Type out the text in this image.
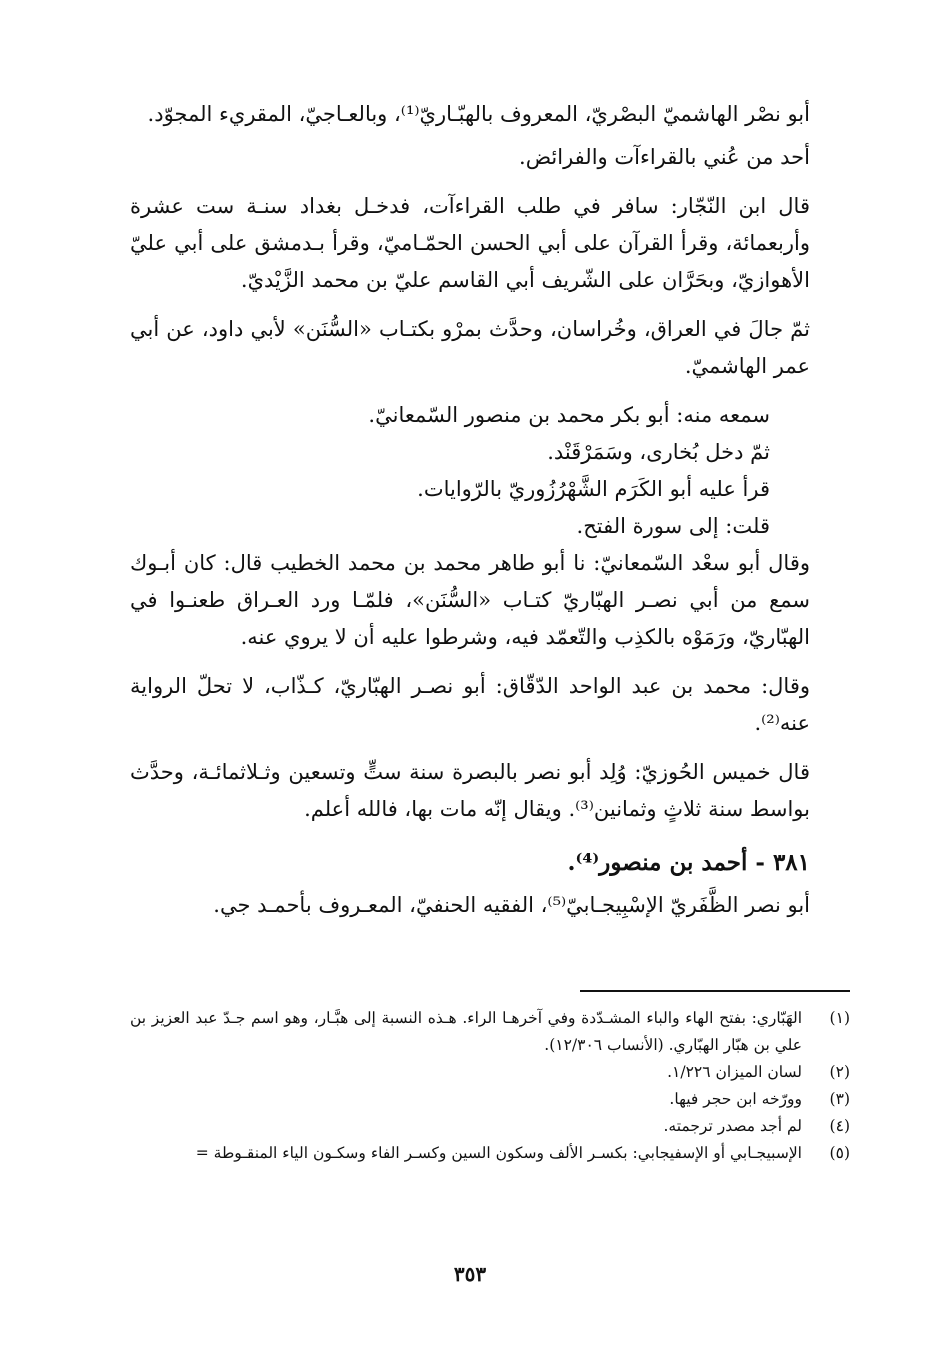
أبو نصْر الهاشميّ البصْريّ، المعروف بالهبّـاريّ⁽¹⁾، وبالعـاجيّ، المقريء المجوّد.

أحد من عُني بالقراءآت والفرائض.

قال ابن النّجّار: سافر في طلب القراءآت، فدخـل بغداد سنـة ست عشرة وأربعمائة، وقرأ القرآن على أبي الحسن الحمّـاميّ، وقرأ بـدمشق على أبي عليّ الأهوازيّ، وبحَرَّان على الشّريف أبي القاسم عليّ بن محمد الزَّيْديّ.

ثمّ جالَ في العراق، وخُراسان، وحدَّث بمرْو بكتـاب «السُّنَن» لأبي داود، عن أبي عمر الهاشميّ.

سمعه منه: أبو بكر محمد بن منصور السّمعانيّ.

ثمّ دخل بُخارى، وسَمَرْقَنْد.

قرأ عليه أبو الكَرَم الشَّهْرُزُوريّ بالرّوايات.

قلت: إلى سورة الفتح.

وقال أبو سعْد السّمعانيّ: نا أبو طاهر محمد بن محمد الخطيب قال: كان أبـوك سمع من أبي نصـر الهبّاريّ كتـاب «السُّنَن»، فلمّـا ورد العـراق طعنـوا في الهبّاريّ، ورَمَوْه بالكذِب والتّعمّد فيه، وشرطوا عليه أن لا يروي عنه.

وقال: محمد بن عبد الواحد الدّقّاق: أبو نصـر الهبّاريّ، كـذّاب، لا تحلّ الرواية عنه⁽²⁾.

قال خميس الحُوزيّ: وُلِد أبو نصر بالبصرة سنة ستٍّ وتسعين وثـلاثمائـة، وحدَّث بواسط سنة ثلاثٍ وثمانين⁽³⁾. ويقال إنّه مات بها، فالله أعلم.

٣٨١ - أحمد بن منصور⁽⁴⁾.

أبو نصر الظَّفَريّ الإسْبِيجـابيّ⁽⁵⁾، الفقيه الحنفيّ، المعـروف بأحمـد جي.

(١)
الهَبّاري: بفتح الهاء والباء المشـدّدة وفي آخرهـا الراء. هـذه النسبة إلى هبَّـار، وهو اسم جـدّ عبد العزيز بن علي بن هبّار الهبّاري. (الأنساب ١٢/٣٠٦).
(٢)
لسان الميزان ١/٢٢٦.
(٣)
وورّخه ابن حجر فيها.
(٤)
لم أجد مصدر ترجمته.
(٥)
الإسبيجـابي أو الإسفيجابي: بكسـر الألف وسكون السين وكسـر الفاء وسكـون الياء المنقـوطة =
٣٥٣
